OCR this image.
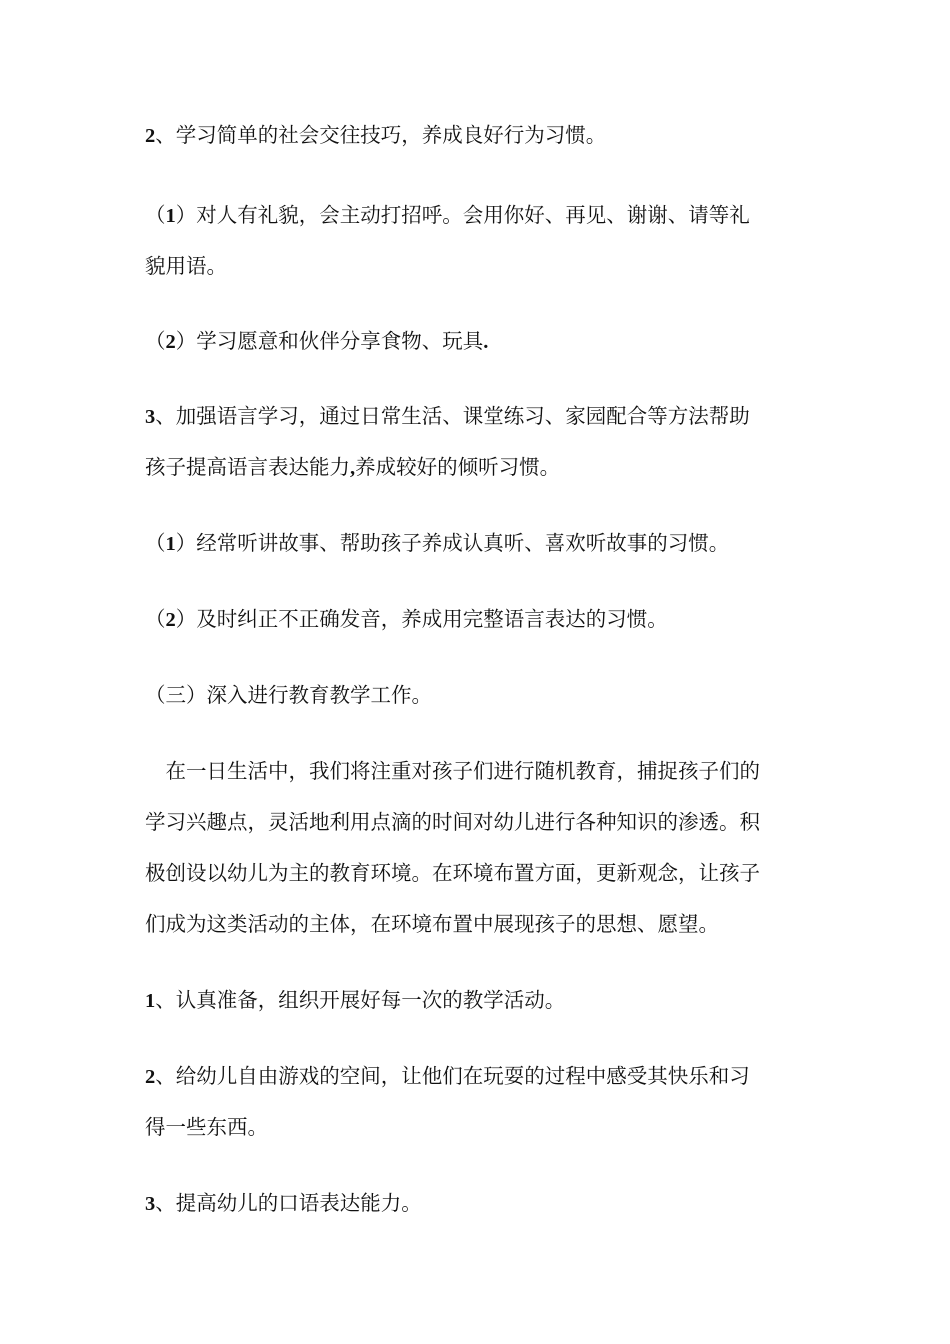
2、学习简单的社会交往技巧，养成良好行为习惯。
（1）对人有礼貌，会主动打招呼。会用你好、再见、谢谢、请等礼
貌用语。
（2）学习愿意和伙伴分享食物、玩具.
3、加强语言学习，通过日常生活、课堂练习、家园配合等方法帮助
孩子提高语言表达能力,养成较好的倾听习惯。
（1）经常听讲故事、帮助孩子养成认真听、喜欢听故事的习惯。
（2）及时纠正不正确发音，养成用完整语言表达的习惯。
（三）深入进行教育教学工作。
　在一日生活中，我们将注重对孩子们进行随机教育，捕捉孩子们的
学习兴趣点，灵活地利用点滴的时间对幼儿进行各种知识的渗透。积
极创设以幼儿为主的教育环境。在环境布置方面，更新观念，让孩子
们成为这类活动的主体，在环境布置中展现孩子的思想、愿望。
1、认真准备，组织开展好每一次的教学活动。
2、给幼儿自由游戏的空间，让他们在玩耍的过程中感受其快乐和习
得一些东西。
3、提高幼儿的口语表达能力。
